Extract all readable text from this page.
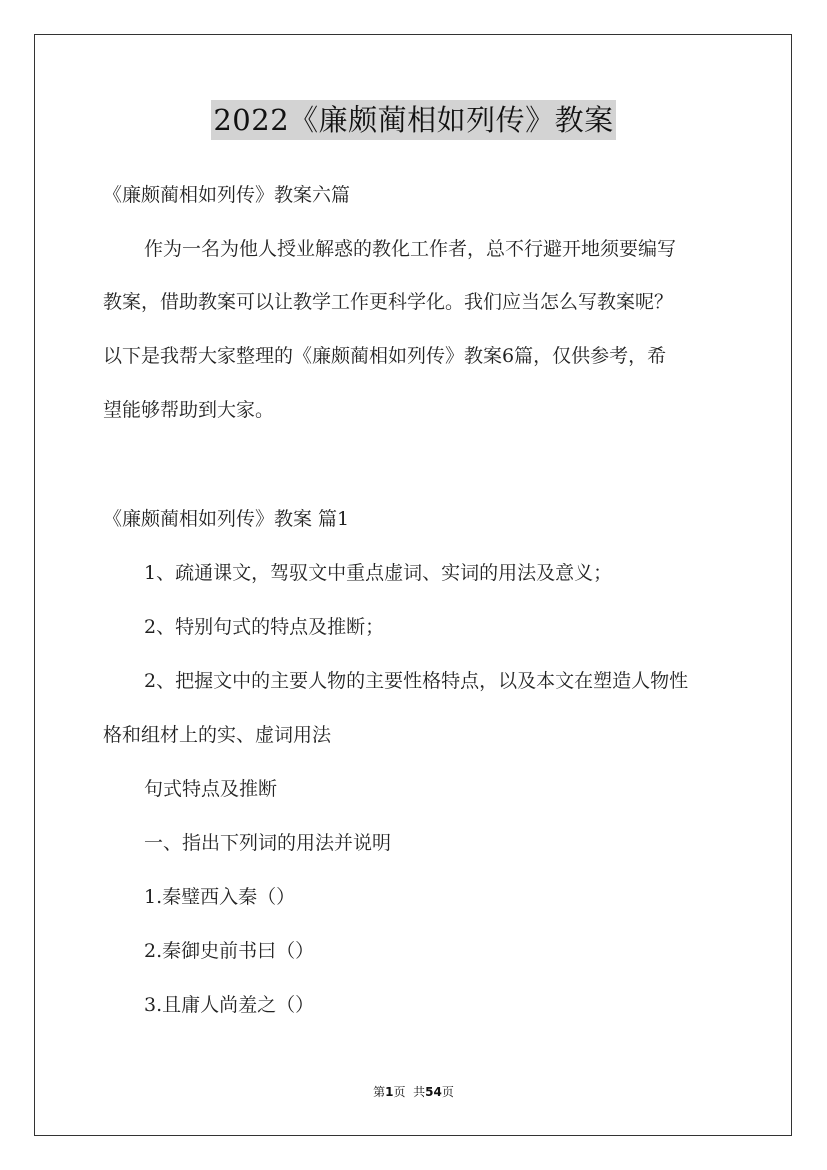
2022《廉颇蔺相如列传》教案
《廉颇蔺相如列传》教案六篇
作为一名为他人授业解惑的教化工作者，总不行避开地须要编写
教案，借助教案可以让教学工作更科学化。我们应当怎么写教案呢？
以下是我帮大家整理的《廉颇蔺相如列传》教案6篇，仅供参考，希
望能够帮助到大家。
《廉颇蔺相如列传》教案 篇1
1、疏通课文，驾驭文中重点虚词、实词的用法及意义；
2、特别句式的特点及推断；
2、把握文中的主要人物的主要性格特点，以及本文在塑造人物性
格和组材上的实、虚词用法
句式特点及推断
一、指出下列词的用法并说明
1.秦璧西入秦（）
2.秦御史前书曰（）
3.且庸人尚羞之（）
第1页 共54页
